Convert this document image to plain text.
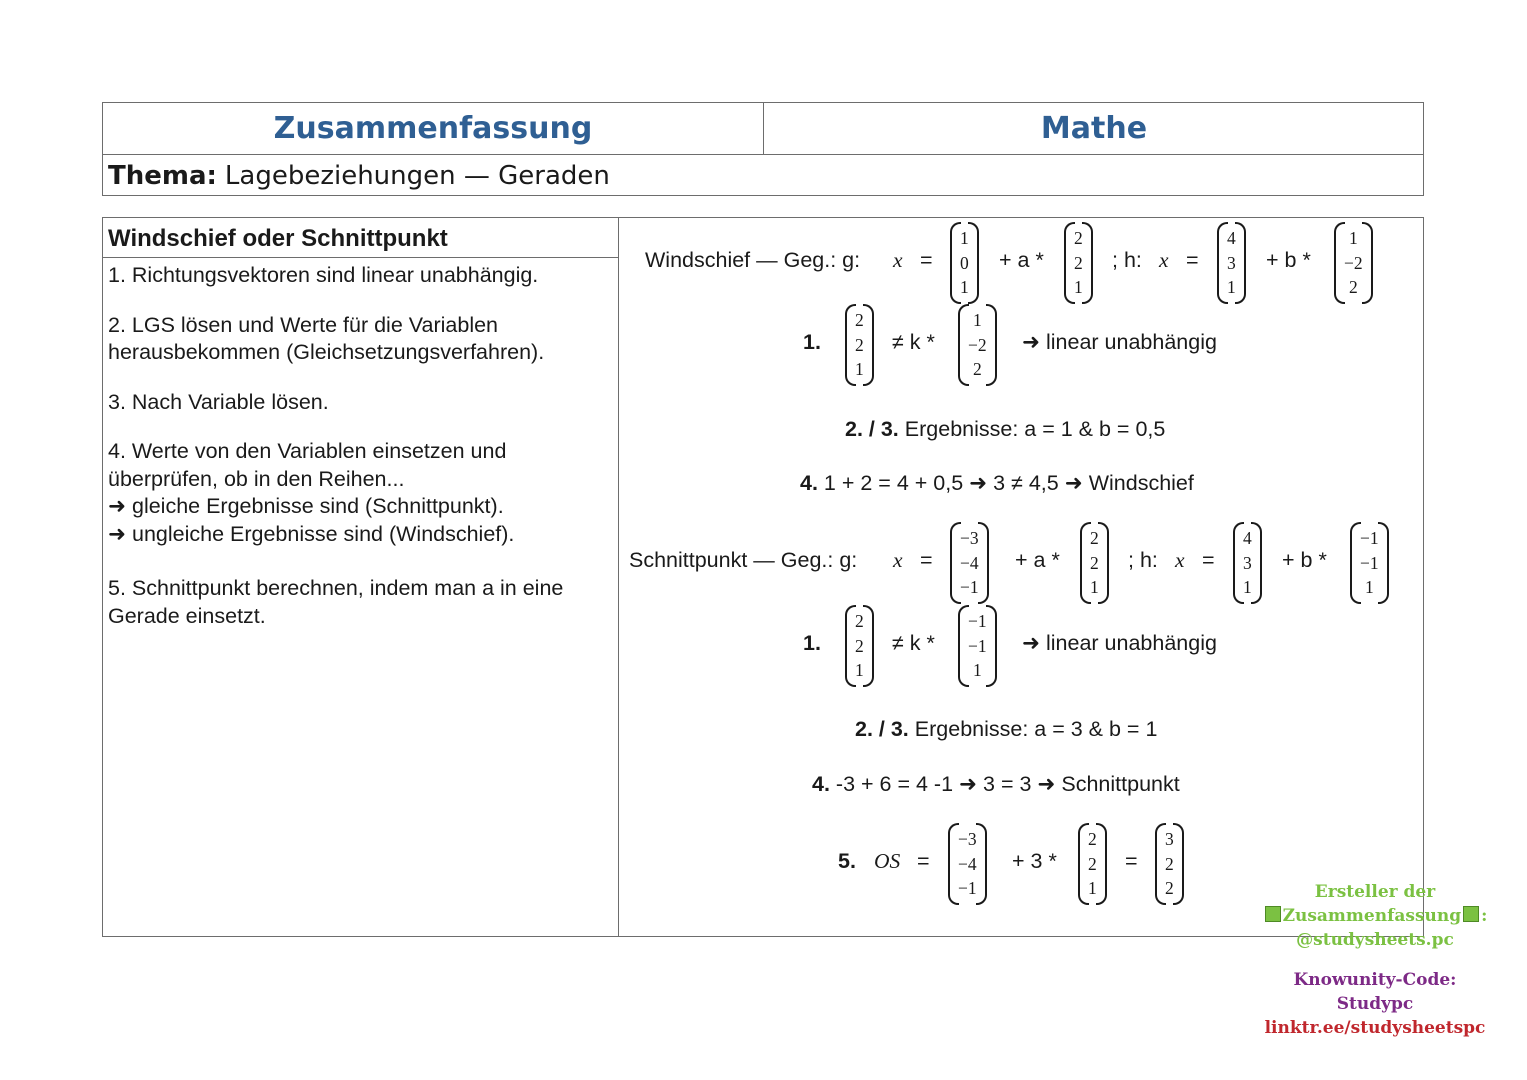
Zusammenfassung	Mathe
Thema: Lagebeziehungen — Geraden
Windschief oder Schnittpunkt

1. Richtungsvektoren sind linear unabhängig.

2. LGS lösen und Werte für die Variablen herausbekommen (Gleichsetzungsverfahren).

3. Nach Variable lösen.

4. Werte von den Variablen einsetzen und überprüfen, ob in den Reihen...
➜ gleiche Ergebnisse sind (Schnittpunkt).
➜ ungleiche Ergebnisse sind (Windschief).

5. Schnittpunkt berechnen, indem man a in eine Gerade einsetzt.

Windschief — Geg.: g: x⃗ =
1
0
1
+ a *
2
2
1
; h: x⃗ =
4
3
1
+ b *
1
−2
2
1.
2
2
1
≠ k *
1
−2
2
➜ linear unabhängig
2. / 3. Ergebnisse: a = 1 & b = 0,5
4. 1 + 2 = 4 + 0,5 ➜ 3 ≠ 4,5 ➜ Windschief
Schnittpunkt — Geg.: g: x⃗ =
−3
−4
−1
+ a *
2
2
1
; h: x⃗ =
4
3
1
+ b *
−1
−1
1
1.
2
2
1
≠ k *
−1
−1
1
➜ linear unabhängig
2. / 3. Ergebnisse: a = 3 & b = 1
4. -3 + 6 = 4 -1 ➜ 3 = 3 ➜ Schnittpunkt
5. OS⃗ =
−3
−4
−1
+ 3 *
2
2
1
=
3
2
2	Ersteller der
Zusammenfassung :
@studysheets.pc
Knowunity-Code:
Studypc
linktr.ee/studysheetspc
